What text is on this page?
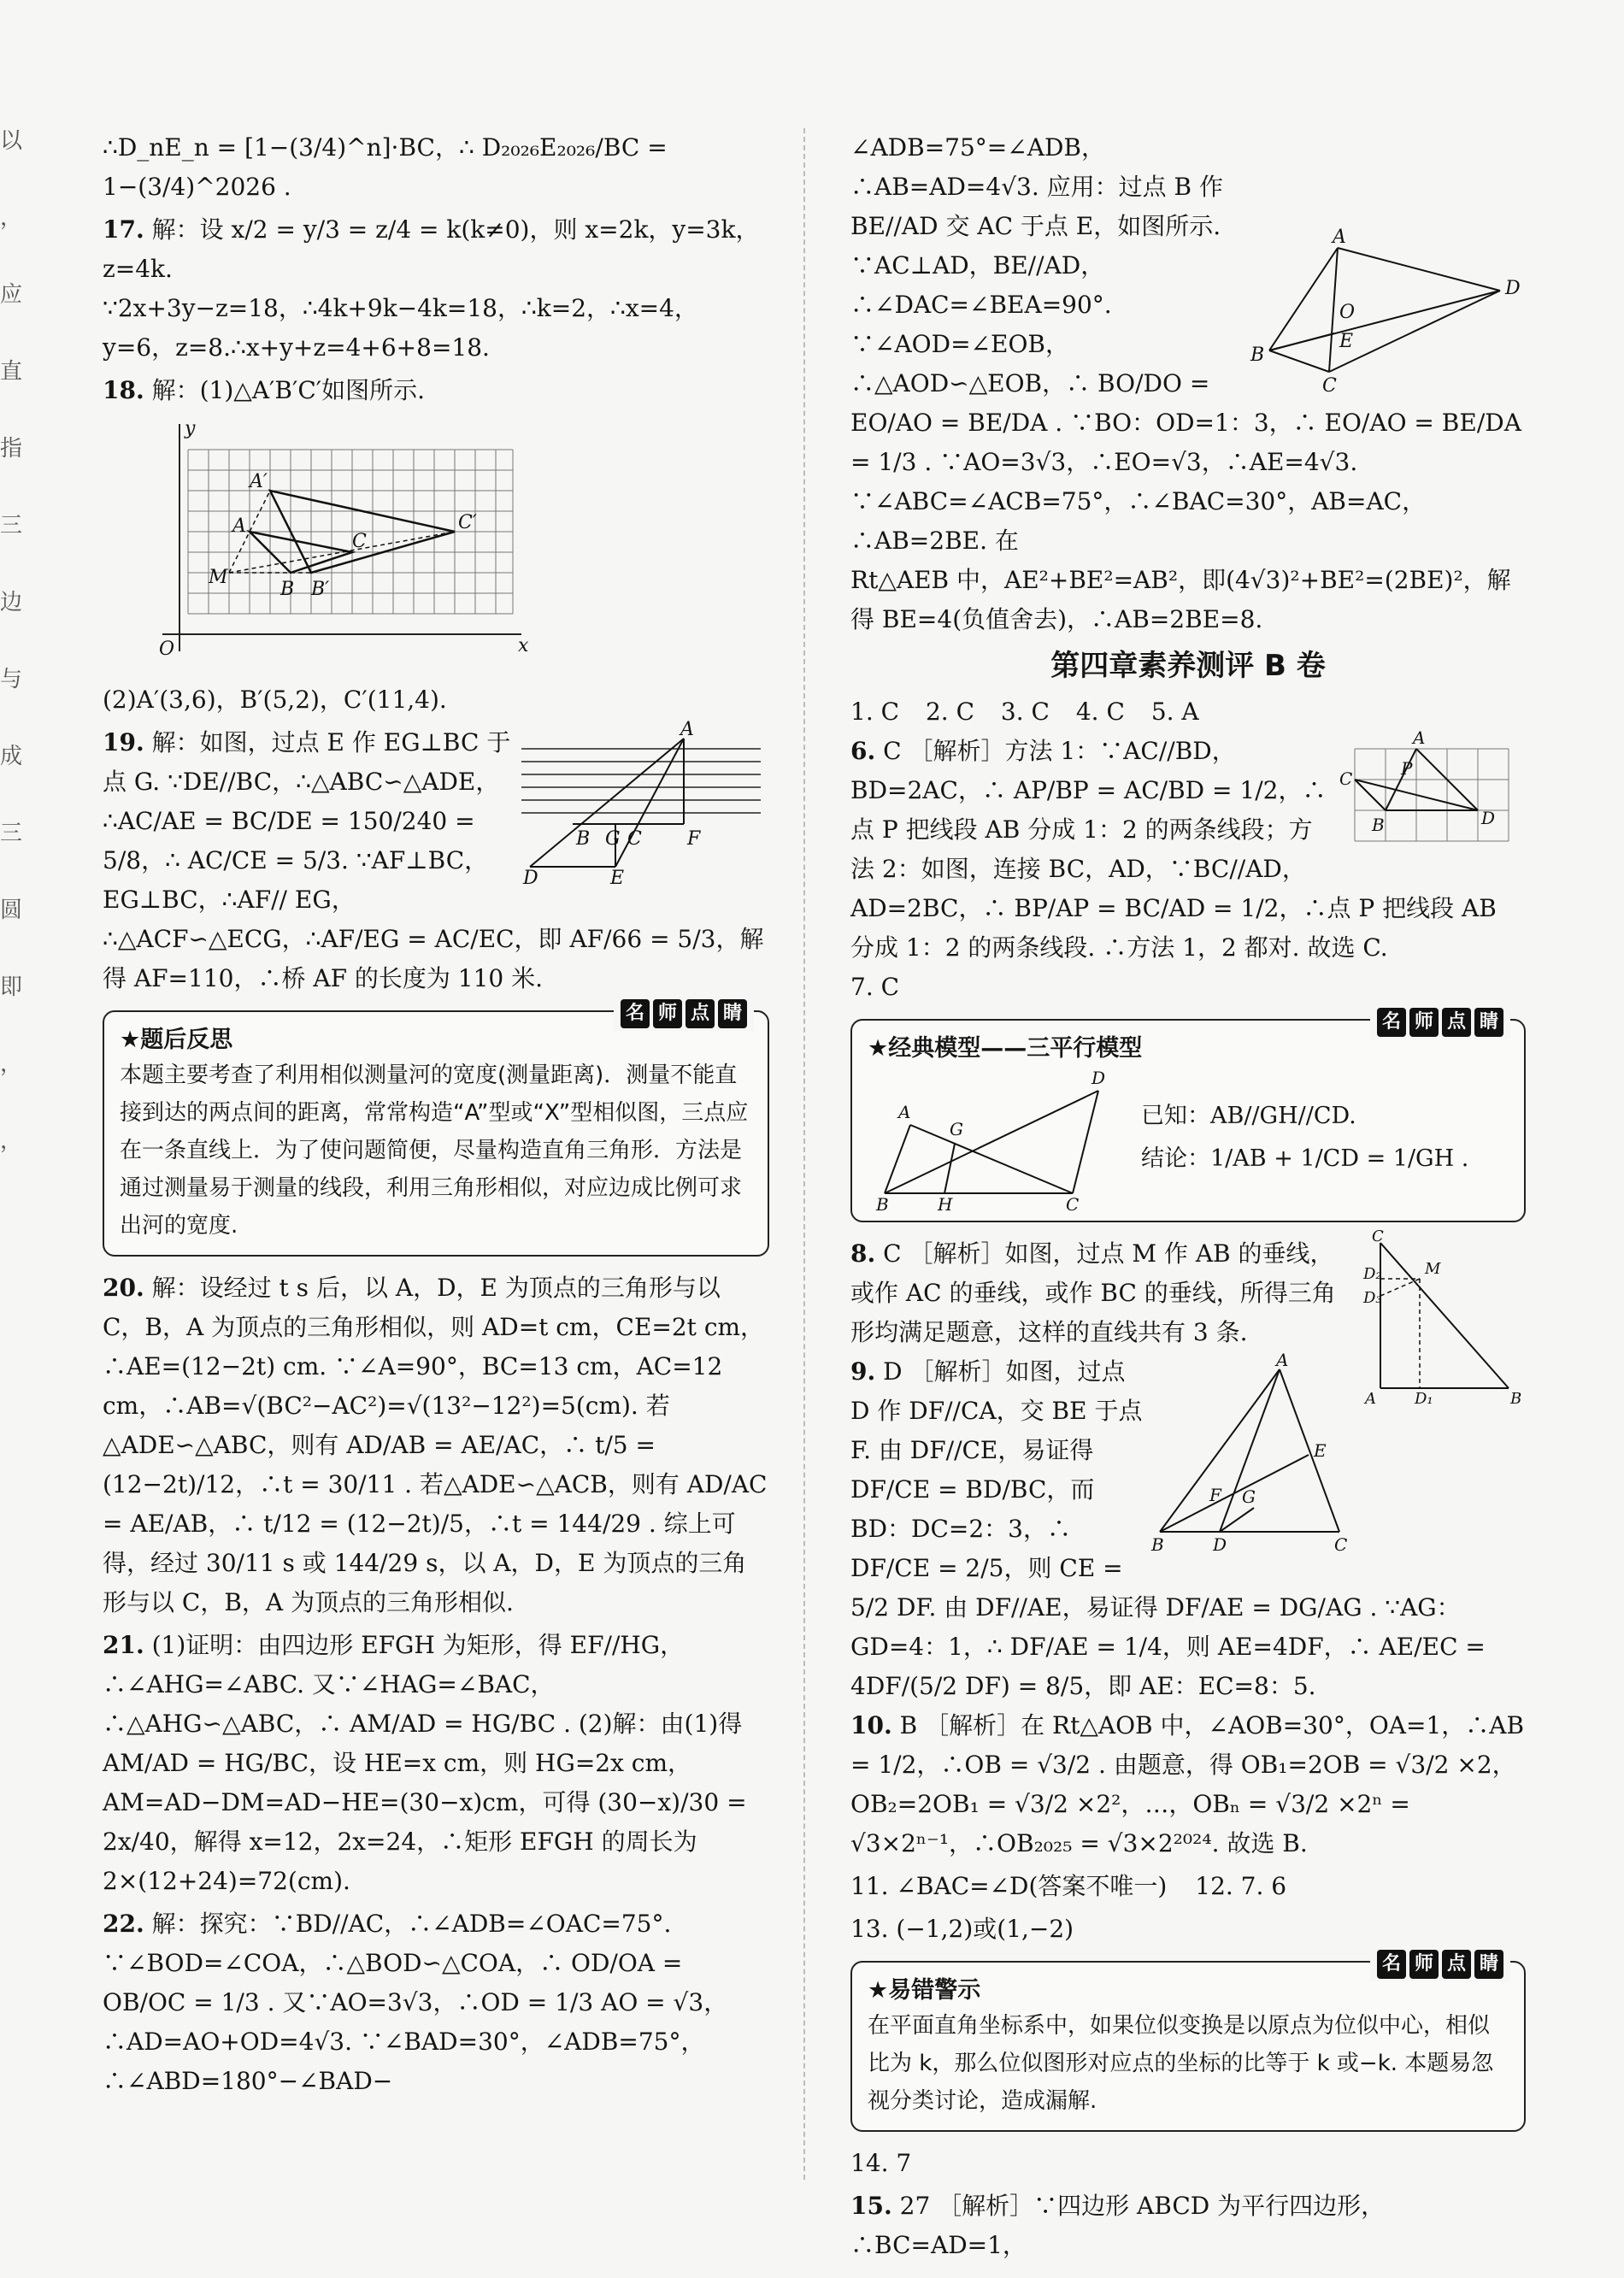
以
，
应
直
指
三
边
与
成
三
圆
即
，
，

∴D_nE_n = [1−(3/4)^n]·BC，∴ D₂₀₂₆E₂₀₂₆/BC = 1−(3/4)^2026 .

17. 解：设 x/2 = y/3 = z/4 = k(k≠0)，则 x=2k，y=3k，z=4k.
∵2x+3y−z=18，∴4k+9k−4k=18，∴k=2，∴x=4，y=6，z=8.∴x+y+z=4+6+8=18.

18. 解：(1)△A′B′C′如图所示.

y
x
O
A
A′
B B′
C
C′
M

(2)A′(3,6)，B′(5,2)，C′(11,4).

A
B G C F
D	E
19. 解：如图，过点 E 作 EG⊥BC 于点 G. ∵DE//BC，∴△ABC∽△ADE， ∴AC/AE = BC/DE = 150/240 = 5/8，∴ AC/CE = 5/3. ∵AF⊥BC，EG⊥BC，∴AF// EG，∴△ACF∽△ECG，∴AF/EG = AC/EC，即 AF/66 = 5/3，解得 AF=110，∴桥 AF 的长度为 110 米.
名 师 点 睛
★题后反思
本题主要考查了利用相似测量河的宽度(测量距离)．测量不能直接到达的两点间的距离，常常构造“A”型或“X”型相似图，三点应在一条直线上．为了使问题简便，尽量构造直角三角形．方法是通过测量易于测量的线段，利用三角形相似，对应边成比例可求出河的宽度.

20. 解：设经过 t s 后，以 A，D，E 为顶点的三角形与以 C，B，A 为顶点的三角形相似，则 AD=t cm，CE=2t cm，∴AE=(12−2t) cm. ∵∠A=90°，BC=13 cm，AC=12 cm，∴AB=√(BC²−AC²)=√(13²−12²)=5(cm). 若△ADE∽△ABC，则有 AD/AB = AE/AC，∴ t/5 = (12−2t)/12，∴t = 30/11 . 若△ADE∽△ACB，则有 AD/AC = AE/AB，∴ t/12 = (12−2t)/5，∴t = 144/29 . 综上可得，经过 30/11 s 或 144/29 s，以 A，D，E 为顶点的三角形与以 C，B，A 为顶点的三角形相似.

21. (1)证明：由四边形 EFGH 为矩形，得 EF//HG，∴∠AHG=∠ABC. 又∵∠HAG=∠BAC，∴△AHG∽△ABC，∴ AM/AD = HG/BC . (2)解：由(1)得 AM/AD = HG/BC，设 HE=x cm，则 HG=2x cm，AM=AD−DM=AD−HE=(30−x)cm，可得 (30−x)/30 = 2x/40，解得 x=12，2x=24，∴矩形 EFGH 的周长为 2×(12+24)=72(cm).

22. 解：探究：∵BD//AC，∴∠ADB=∠OAC=75°. ∵∠BOD=∠COA，∴△BOD∽△COA，∴ OD/OA = OB/OC = 1/3 . 又∵AO=3√3，∴OD = 1/3 AO = √3，∴AD=AO+OD=4√3. ∵∠BAD=30°，∠ADB=75°，∴∠ABD=180°−∠BAD−

A
D
O
E
B
C
∠ADB=75°=∠ADB，∴AB=AD=4√3. 应用：过点 B 作 BE//AD 交 AC 于点 E，如图所示. ∵AC⊥AD，BE//AD，∴∠DAC=∠BEA=90°. ∵∠AOD=∠EOB，∴△AOD∽△EOB，∴ BO/DO = EO/AO = BE/DA . ∵BO：OD=1：3，∴ EO/AO = BE/DA = 1/3 . ∵AO=3√3，∴EO=√3，∴AE=4√3. ∵∠ABC=∠ACB=75°，∴∠BAC=30°，AB=AC，∴AB=2BE. 在
Rt△AEB 中，AE²+BE²=AB²，即(4√3)²+BE²=(2BE)²，解得 BE=4(负值舍去)，∴AB=2BE=8.
第四章素养测评 B 卷
1. C 2. C 3. C 4. C 5. A
A
C	P
B	D
6. C ［解析］方法 1：∵AC//BD，BD=2AC，∴ AP/BP = AC/BD = 1/2，∴点 P 把线段 AB 分成 1：2 的两条线段；方法 2：如图，连接 BC，AD，∵BC//AD，AD=2BC，∴ BP/AP = BC/AD = 1/2，∴点 P 把线段 AB 分成 1：2 的两条线段. ∴方法 1，2 都对. 故选 C.

7. C

名 师 点 睛
★经典模型——三平行模型
A
D
G
B	H	C
已知：AB//GH//CD.
结论：1/AB + 1/CD = 1/GH .
C
D₂	M
D₃
A	D₁	B
8. C ［解析］如图，过点 M 作 AB 的垂线，或作 AC 的垂线，或作 BC 的垂线，所得三角形均满足题意，这样的直线共有 3 条.

A
E
F G
B	D	C
9. D ［解析］如图，过点 D 作 DF//CA，交 BE 于点 F. 由 DF//CE，易证得 DF/CE = BD/BC，而 BD：DC=2：3，∴ DF/CE = 2/5，则 CE = 5/2 DF. 由 DF//AE，易证得 DF/AE = DG/AG . ∵AG：GD=4：1，∴ DF/AE = 1/4，则 AE=4DF，∴ AE/EC = 4DF/(5/2 DF) = 8/5，即 AE：EC=8：5.

10. B ［解析］在 Rt△AOB 中，∠AOB=30°，OA=1，∴AB = 1/2，∴OB = √3/2 . 由题意，得 OB₁=2OB = √3/2 ×2，OB₂=2OB₁ = √3/2 ×2²，…，OBₙ = √3/2 ×2ⁿ = √3×2ⁿ⁻¹，∴OB₂₀₂₅ = √3×2²⁰²⁴. 故选 B.

11. ∠BAC=∠D(答案不唯一) 12. 7. 6

13. (−1,2)或(1,−2)

名 师 点 睛
★易错警示
在平面直角坐标系中，如果位似变换是以原点为位似中心，相似比为 k，那么位似图形对应点的坐标的比等于 k 或−k. 本题易忽视分类讨论，造成漏解.

14. 7

15. 27 ［解析］∵四边形 ABCD 为平行四边形，∴BC=AD=1，
